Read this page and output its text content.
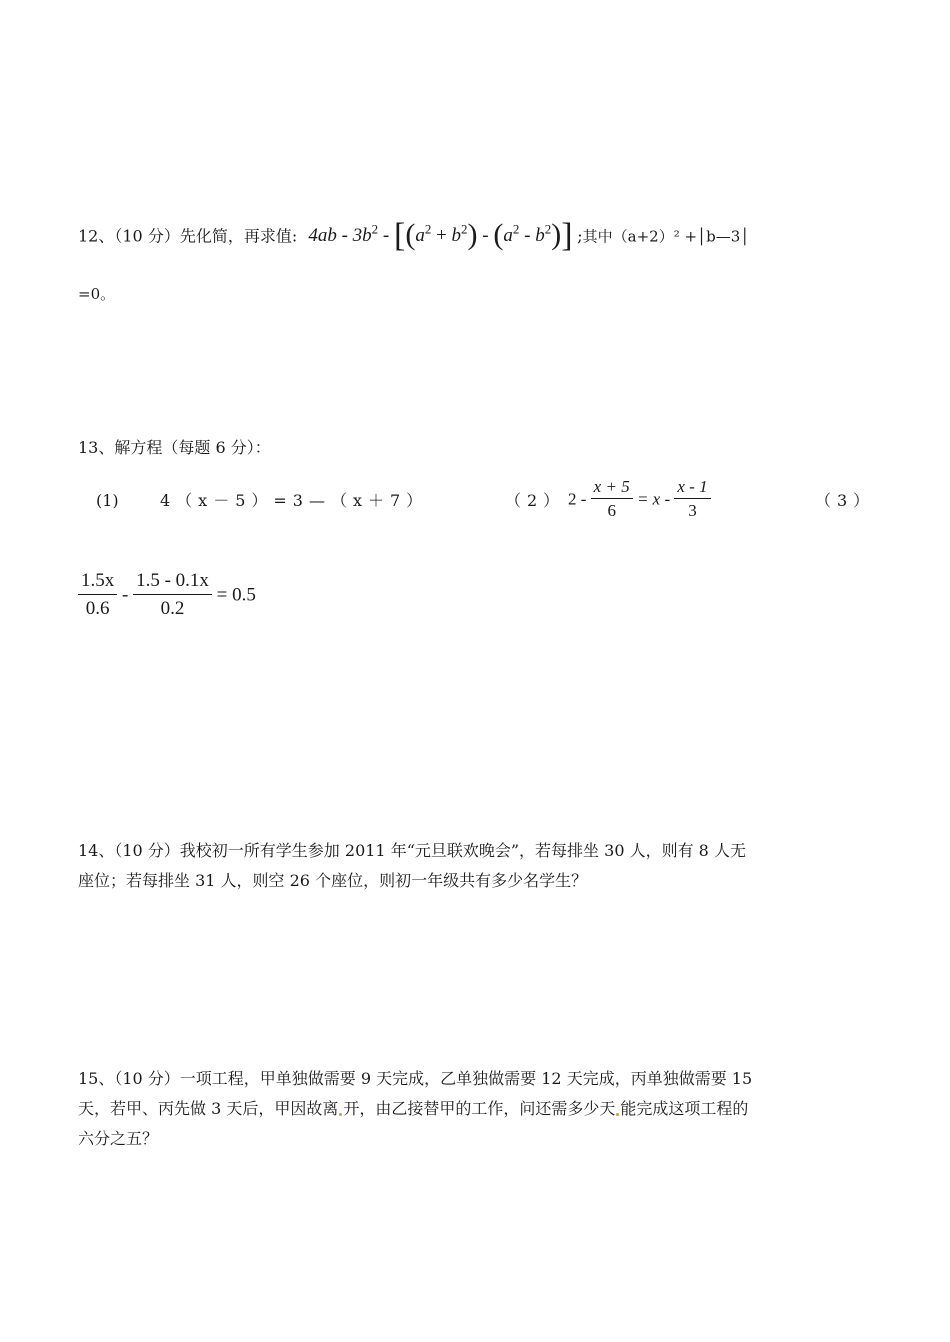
12、（10 分）先化简，再求值: $4ab - 3b^2 - [(a^2 + b^2) - (a^2 - b^2)]$ ;其中（a+2）² +│b—3│
=0。
13、解方程（每题 6 分）：
(1)	4（x－5）=3—（x＋7）	（2） $2 - \frac{x + 5}{6} = x - \frac{x - 1}{3}$	（3）
$\frac{1.5x}{0.6} - \frac{1.5 - 0.1x}{0.2} = 0.5$
14、（10 分）我校初一所有学生参加 2011 年“元旦联欢晚会”，若每排坐 30 人，则有 8 人无
座位；若每排坐 31 人，则空 26 个座位，则初一年级共有多少名学生？
15、（10 分）一项工程，甲单独做需要 9 天完成，乙单独做需要 12 天完成，丙单独做需要 15
天，若甲、丙先做 3 天后，甲因故离 开，由乙接替甲的工作，问还需多少天 能完成这项工程的
六分之五？
